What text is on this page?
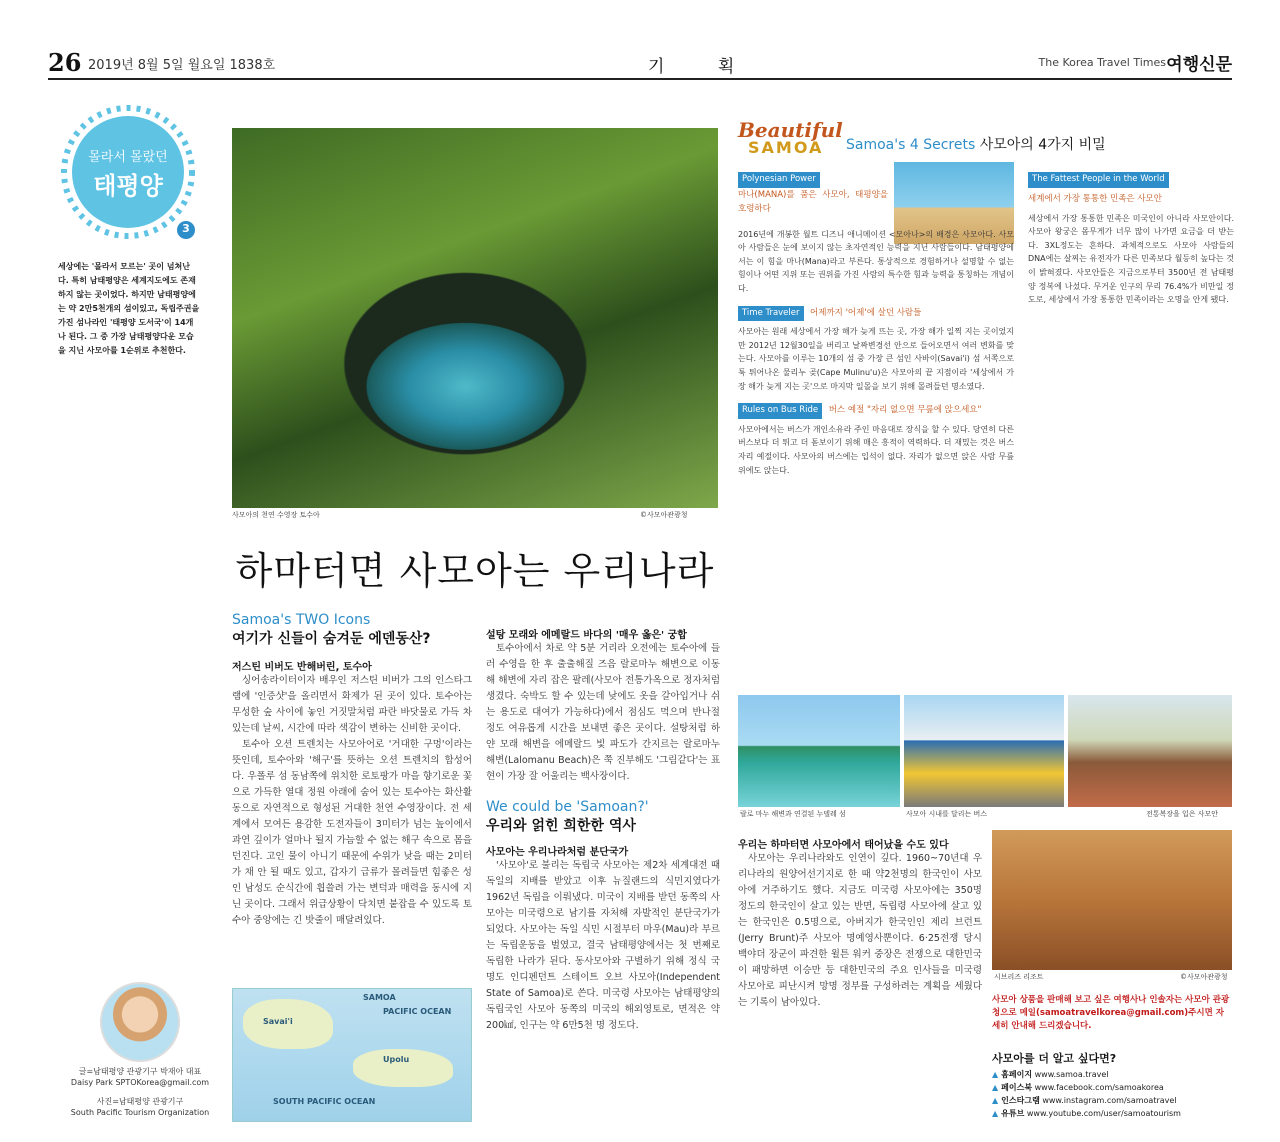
26 2019년 8월 5일 월요일 1838호	기 획	The Korea Travel Times 여행신문
몰라서 몰랐던
태평양
3
세상에는 '몰라서 모르는' 곳이 넘쳐난다. 특히 남태평양은 세계지도에도 존재하지 않는 곳이었다. 하지만 남태평양에는 약 2만5천개의 섬이있고, 독립주권을 가진 섬나라인 '태평양 도서국'이 14개나 된다. 그 중 가장 남태평양다운 모습을 지닌 사모아를 1순위로 추천한다.
글=남태평양 관광기구 박재아 대표
Daisy Park SPTOKorea@gmail.com
사진=남태평양 관광기구
South Pacific Tourism Organization
사모아의 천연 수영장 토수아	©사모아관광청
하마터면 사모아는 우리나라
Samoa's TWO Icons
여기가 신들이 숨겨둔 에덴동산?
저스틴 비버도 반해버린, 토수아

싱어송라이터이자 배우인 저스틴 비버가 그의 인스타그램에 '인증샷'을 올리면서 화제가 된 곳이 있다. 토수아는 무성한 숲 사이에 놓인 거짓말처럼 파란 바닷물로 가득 차 있는데 날씨, 시간에 따라 색감이 변하는 신비한 곳이다.

토수아 오션 트렌치는 사모아어로 '거대한 구멍'이라는 뜻인데, 토수아와 '해구'를 뜻하는 오션 트렌치의 합성어다. 우폴루 섬 동남쪽에 위치한 로토팡가 마을 향기로운 꽃으로 가득한 열대 정원 아래에 숨어 있는 토수아는 화산활동으로 자연적으로 형성된 거대한 천연 수영장이다. 전 세계에서 모여든 용감한 도전자들이 3미터가 넘는 높이에서 과연 깊이가 얼마나 될지 가늠할 수 없는 해구 속으로 몸을 던진다. 고인 물이 아니기 때문에 수위가 낮을 때는 2미터가 채 안 될 때도 있고, 갑자기 급류가 몰려들면 힘좋은 성인 남성도 순식간에 휩쓸려 가는 변덕과 매력을 동시에 지닌 곳이다. 그래서 위급상황이 닥치면 붙잡을 수 있도록 토수아 중앙에는 긴 밧줄이 매달려있다.

SAMOA
Savai'i
Upolu
PACIFIC OCEAN
SOUTH PACIFIC OCEAN
설탕 모래와 에메랄드 바다의 '매우 옳은' 궁합

토수아에서 차로 약 5분 거리라 오전에는 토수아에 들러 수영을 한 후 출출해질 즈음 랄로마누 해변으로 이동해 해변에 자리 잡은 팔레(사모아 전통가옥으로 정자처럼 생겼다. 숙박도 할 수 있는데 낮에도 옷을 갈아입거나 쉬는 용도로 대여가 가능하다)에서 점심도 먹으며 반나절 정도 여유롭게 시간을 보내면 좋은 곳이다. 설탕처럼 하얀 모래 해변을 에메랄드 빛 파도가 간지르는 랄로마누 해변(Lalomanu Beach)은 쭉 진부해도 '그림같다'는 표현이 가장 잘 어울리는 백사장이다.

We could be 'Samoan?'
우리와 얽힌 희한한 역사
사모아는 우리나라처럼 분단국가

'사모아'로 불리는 독립국 사모아는 제2차 세계대전 때 독일의 지배를 받았고 이후 뉴질랜드의 식민지였다가 1962년 독립을 이뤄냈다. 미국이 지배를 받던 동쪽의 사모아는 미국령으로 남기를 자처해 자발적인 분단국가가 되었다. 사모아는 독일 식민 시절부터 마우(Mau)라 부르는 독립운동을 벌였고, 결국 남태평양에서는 첫 번째로 독립한 나라가 된다. 동사모아와 구별하기 위해 정식 국명도 인디펜던트 스테이트 오브 사모아(Independent State of Samoa)로 쓴다. 미국령 사모아는 남태평양의 독립국인 사모아 동쪽의 미국의 해외영토로, 면적은 약 200㎢, 인구는 약 6만5천 명 정도다.

Beautiful
SAMOA Samoa's 4 Secrets 사모아의 4가지 비밀
Polynesian Power
마나(MANA)를 품은 사모아, 태평양을 호령하다
2016년에 개봉한 월트 디즈니 애니메이션 <모아나>의 배경은 사모아다. 사모아 사람들은 눈에 보이지 않는 초자연적인 능력을 지닌 사람들이다. 남태평양에서는 이 힘을 마나(Mana)라고 부른다. 통상적으로 경험하거나 설명할 수 없는 힘이나 어떤 지위 또는 권위를 가진 사람의 특수한 힘과 능력을 통칭하는 개념이다.
Time Traveler 어제까지 '어제'에 살던 사람들
사모아는 원래 세상에서 가장 해가 늦게 뜨는 곳, 가장 해가 일찍 지는 곳이었지만 2012년 12월30일을 버리고 날짜변경선 안으로 들어오면서 여러 변화를 맞는다. 사모아를 이루는 10개의 섬 중 가장 큰 섬인 사바이(Savai'i) 섬 서쪽으로 툭 튀어나온 물리누 곶(Cape Mulinu'u)은 사모아의 끝 지점이라 '세상에서 가장 해가 늦게 지는 곳'으로 마지막 일몰을 보기 위해 몰려들던 명소였다.
Rules on Bus Ride 버스 예절 "자리 없으면 무릎에 앉으세요"
사모아에서는 버스가 개인소유라 주인 마음대로 장식을 할 수 있다. 당연히 다른 버스보다 더 튀고 더 돋보이기 위해 매은 흥적이 역력하다. 더 재밌는 것은 버스 자리 예절이다. 사모아의 버스에는 입석이 없다. 자리가 없으면 앉은 사람 무릎 위에도 앉는다.
The Fattest People in the World
세계에서 가장 통통한 민족은 사모안
세상에서 가장 통통한 민족은 미국인이 아니라 사모안이다. 사모아 왕궁은 몸무게가 너무 많이 나가면 요금을 더 받는다. 3XL정도는 흔하다. 과체적으로도 사모아 사람들의 DNA에는 살찌는 유전자가 다른 민족보다 월등히 높다는 것이 밝혀졌다. 사모안들은 지금으로부터 3500년 전 남태평양 정복에 나섰다. 무거운 인구의 무리 76.4%가 비만일 정도로, 세상에서 가장 통통한 민족이라는 오명을 안게 됐다.
랄로 마누 해변과 연결된 누델레 섬	사모아 시내를 달리는 버스	전통복장을 입은 사모안
우리는 하마터면 사모아에서 태어났을 수도 있다

사모아는 우리나라와도 인연이 깊다. 1960~70년대 우리나라의 원양어선기지로 한 때 약2천명의 한국인이 사모아에 거주하기도 했다. 지금도 미국령 사모아에는 350명 정도의 한국인이 살고 있는 반면, 독립령 사모아에 살고 있는 한국인은 0.5명으로, 아버지가 한국인인 제리 브런트(Jerry Brunt)주 사모아 명예영사뿐이다. 6·25전쟁 당시 백야더 장군이 파견한 윌튼 워커 중장은 전쟁으로 대한민국이 패망하면 이승만 등 대한민국의 주요 인사들을 미국령 사모아로 피난시켜 망명 정부를 구성하려는 계획을 세웠다는 기록이 남아있다.

시브리즈 리조트	©사모아관광청
사모아 상품을 판매해 보고 싶은 여행사나 인솔자는 사모아 관광청으로 메일(samoatravelkorea@gmail.com)주시면 자세히 안내해 드리겠습니다.
사모아를 더 알고 싶다면?
▲ 홈페이지 www.samoa.travel
▲ 페이스북 www.facebook.com/samoakorea
▲ 인스타그램 www.instagram.com/samoatravel
▲ 유튜브 www.youtube.com/user/samoatourism
